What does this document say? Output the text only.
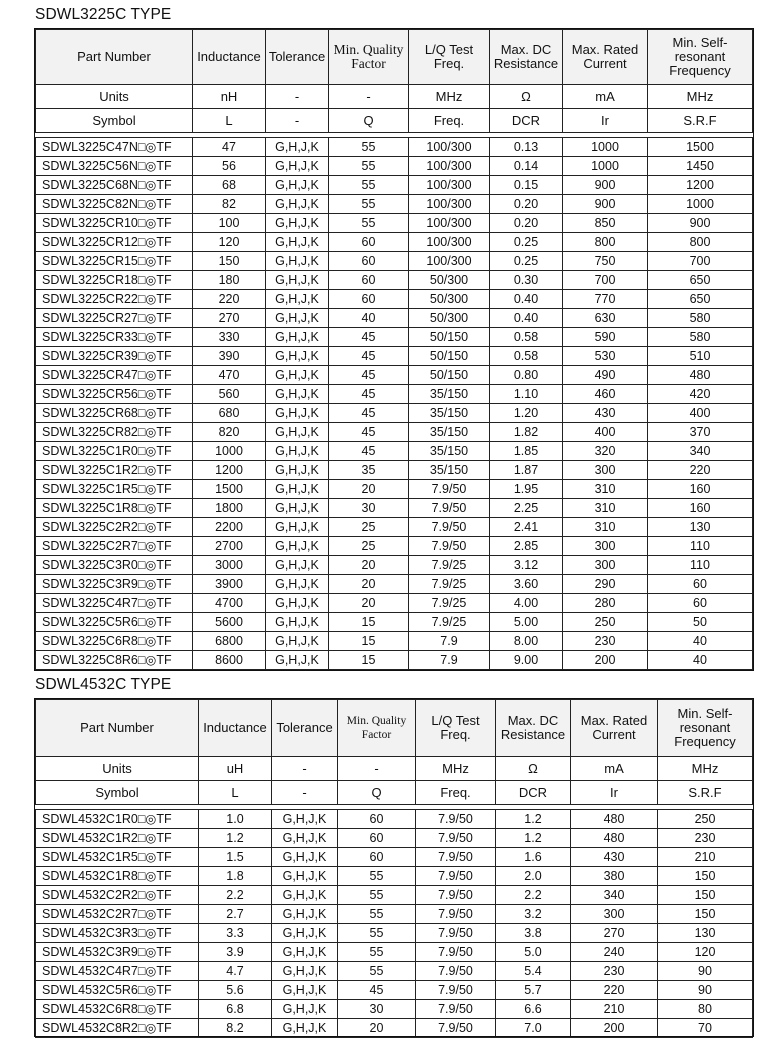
SDWL3225C TYPE
Part Number	Inductance	Tolerance	Min. Quality Factor	L/Q Test Freq.	Max. DC Resistance	Max. Rated Current	Min. Self-resonant Frequency
Units	nH	-	-	MHz	Ω	mA	MHz
Symbol	L	-	Q	Freq.	DCR	Ir	S.R.F

SDWL3225C47N□◎TF	47	G,H,J,K	55	100/300	0.13	1000	1500
SDWL3225C56N□◎TF	56	G,H,J,K	55	100/300	0.14	1000	1450
SDWL3225C68N□◎TF	68	G,H,J,K	55	100/300	0.15	900	1200
SDWL3225C82N□◎TF	82	G,H,J,K	55	100/300	0.20	900	1000
SDWL3225CR10□◎TF	100	G,H,J,K	55	100/300	0.20	850	900
SDWL3225CR12□◎TF	120	G,H,J,K	60	100/300	0.25	800	800
SDWL3225CR15□◎TF	150	G,H,J,K	60	100/300	0.25	750	700
SDWL3225CR18□◎TF	180	G,H,J,K	60	50/300	0.30	700	650
SDWL3225CR22□◎TF	220	G,H,J,K	60	50/300	0.40	770	650
SDWL3225CR27□◎TF	270	G,H,J,K	40	50/300	0.40	630	580
SDWL3225CR33□◎TF	330	G,H,J,K	45	50/150	0.58	590	580
SDWL3225CR39□◎TF	390	G,H,J,K	45	50/150	0.58	530	510
SDWL3225CR47□◎TF	470	G,H,J,K	45	50/150	0.80	490	480
SDWL3225CR56□◎TF	560	G,H,J,K	45	35/150	1.10	460	420
SDWL3225CR68□◎TF	680	G,H,J,K	45	35/150	1.20	430	400
SDWL3225CR82□◎TF	820	G,H,J,K	45	35/150	1.82	400	370
SDWL3225C1R0□◎TF	1000	G,H,J,K	45	35/150	1.85	320	340
SDWL3225C1R2□◎TF	1200	G,H,J,K	35	35/150	1.87	300	220
SDWL3225C1R5□◎TF	1500	G,H,J,K	20	7.9/50	1.95	310	160
SDWL3225C1R8□◎TF	1800	G,H,J,K	30	7.9/50	2.25	310	160
SDWL3225C2R2□◎TF	2200	G,H,J,K	25	7.9/50	2.41	310	130
SDWL3225C2R7□◎TF	2700	G,H,J,K	25	7.9/50	2.85	300	110
SDWL3225C3R0□◎TF	3000	G,H,J,K	20	7.9/25	3.12	300	110
SDWL3225C3R9□◎TF	3900	G,H,J,K	20	7.9/25	3.60	290	60
SDWL3225C4R7□◎TF	4700	G,H,J,K	20	7.9/25	4.00	280	60
SDWL3225C5R6□◎TF	5600	G,H,J,K	15	7.9/25	5.00	250	50
SDWL3225C6R8□◎TF	6800	G,H,J,K	15	7.9	8.00	230	40
SDWL3225C8R6□◎TF	8600	G,H,J,K	15	7.9	9.00	200	40
SDWL4532C TYPE
Part Number	Inductance	Tolerance	Min. Quality Factor	L/Q Test Freq.	Max. DC Resistance	Max. Rated Current	Min. Self-resonant Frequency
Units	uH	-	-	MHz	Ω	mA	MHz
Symbol	L	-	Q	Freq.	DCR	Ir	S.R.F

SDWL4532C1R0□◎TF	1.0	G,H,J,K	60	7.9/50	1.2	480	250
SDWL4532C1R2□◎TF	1.2	G,H,J,K	60	7.9/50	1.2	480	230
SDWL4532C1R5□◎TF	1.5	G,H,J,K	60	7.9/50	1.6	430	210
SDWL4532C1R8□◎TF	1.8	G,H,J,K	55	7.9/50	2.0	380	150
SDWL4532C2R2□◎TF	2.2	G,H,J,K	55	7.9/50	2.2	340	150
SDWL4532C2R7□◎TF	2.7	G,H,J,K	55	7.9/50	3.2	300	150
SDWL4532C3R3□◎TF	3.3	G,H,J,K	55	7.9/50	3.8	270	130
SDWL4532C3R9□◎TF	3.9	G,H,J,K	55	7.9/50	5.0	240	120
SDWL4532C4R7□◎TF	4.7	G,H,J,K	55	7.9/50	5.4	230	90
SDWL4532C5R6□◎TF	5.6	G,H,J,K	45	7.9/50	5.7	220	90
SDWL4532C6R8□◎TF	6.8	G,H,J,K	30	7.9/50	6.6	210	80
SDWL4532C8R2□◎TF	8.2	G,H,J,K	20	7.9/50	7.0	200	70
